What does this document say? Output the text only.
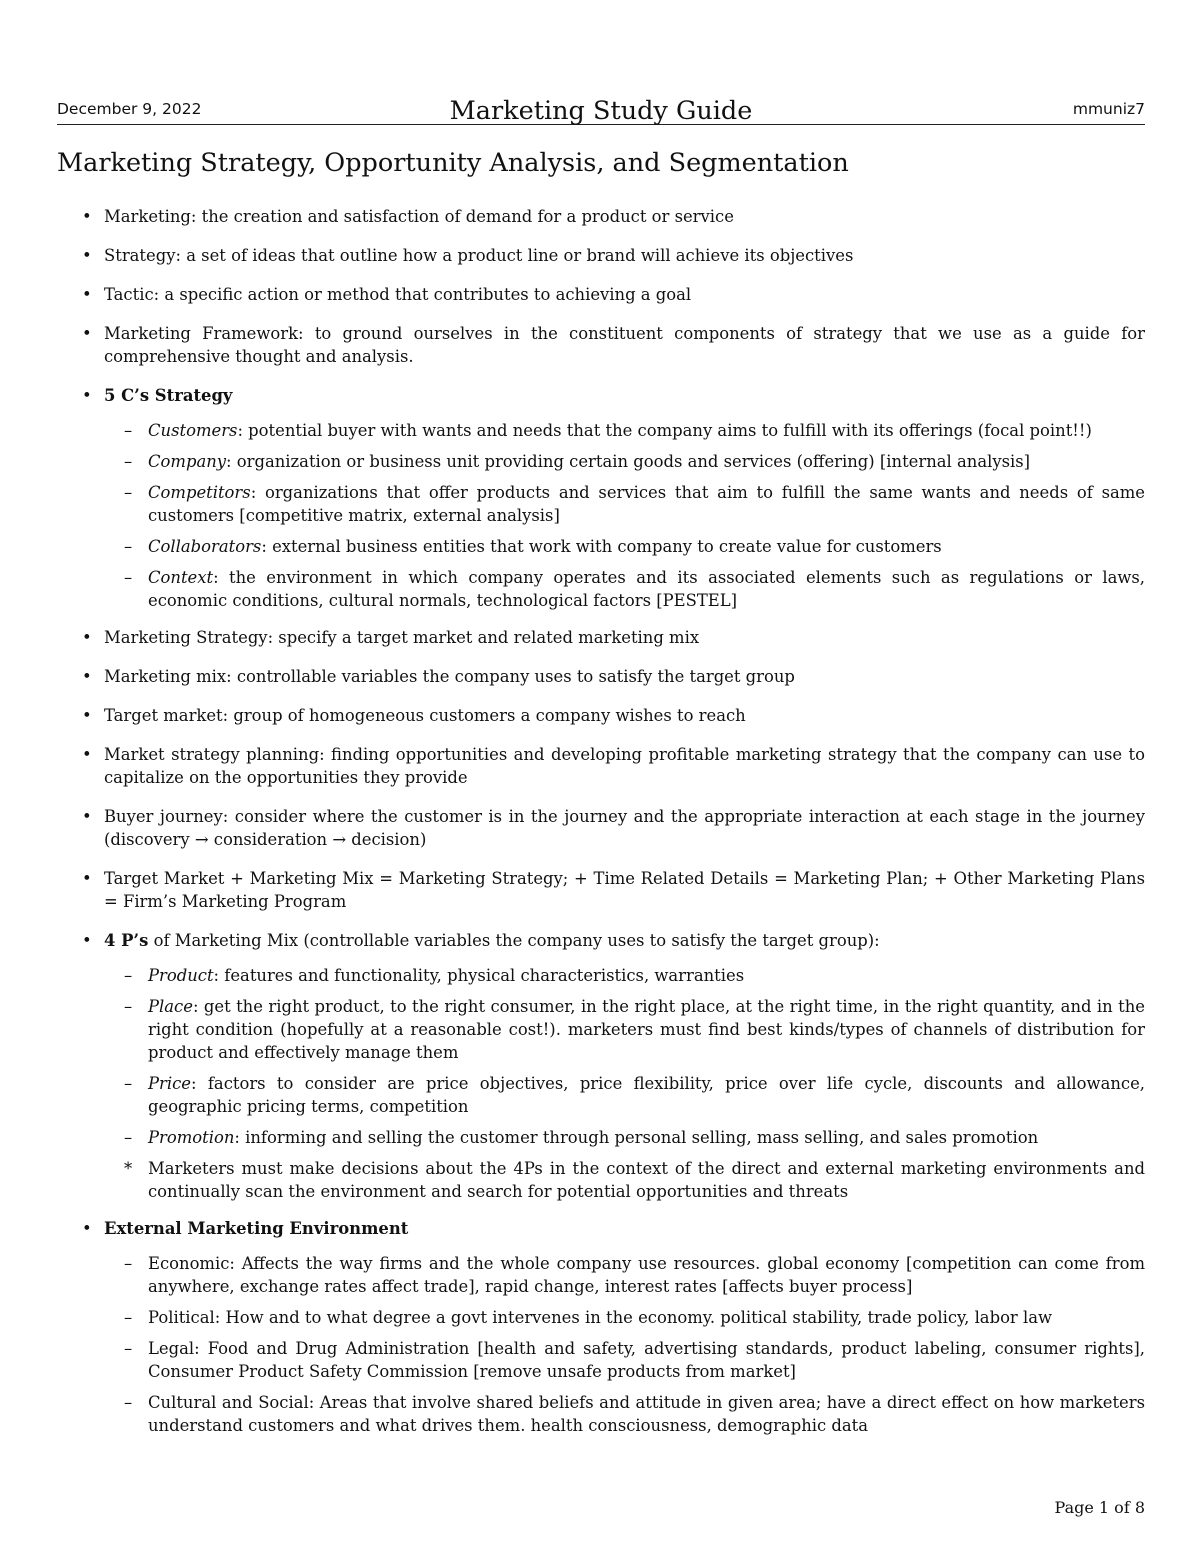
December 9, 2022	Marketing Study Guide	mmuniz7
Marketing Strategy, Opportunity Analysis, and Segmentation
• Marketing: the creation and satisfaction of demand for a product or service
• Strategy: a set of ideas that outline how a product line or brand will achieve its objectives
• Tactic: a specific action or method that contributes to achieving a goal
• Marketing Framework: to ground ourselves in the constituent components of strategy that we use as a guide for comprehensive thought and analysis.
• 5 C’s Strategy
– Customers: potential buyer with wants and needs that the company aims to fulfill with its offerings (focal point!!)
– Company: organization or business unit providing certain goods and services (offering) [internal analysis]
– Competitors: organizations that offer products and services that aim to fulfill the same wants and needs of same customers [competitive matrix, external analysis]
– Collaborators: external business entities that work with company to create value for customers
– Context: the environment in which company operates and its associated elements such as regulations or laws, economic conditions, cultural normals, technological factors [PESTEL]
• Marketing Strategy: specify a target market and related marketing mix
• Marketing mix: controllable variables the company uses to satisfy the target group
• Target market: group of homogeneous customers a company wishes to reach
• Market strategy planning: finding opportunities and developing profitable marketing strategy that the company can use to capitalize on the opportunities they provide
• Buyer journey: consider where the customer is in the journey and the appropriate interaction at each stage in the journey (discovery → consideration → decision)
• Target Market + Marketing Mix = Marketing Strategy; + Time Related Details = Marketing Plan; + Other Marketing Plans = Firm’s Marketing Program
• 4 P’s of Marketing Mix (controllable variables the company uses to satisfy the target group):
– Product: features and functionality, physical characteristics, warranties
– Place: get the right product, to the right consumer, in the right place, at the right time, in the right quantity, and in the right condition (hopefully at a reasonable cost!). marketers must find best kinds/types of channels of distribution for product and effectively manage them
– Price: factors to consider are price objectives, price flexibility, price over life cycle, discounts and allowance, geographic pricing terms, competition
– Promotion: informing and selling the customer through personal selling, mass selling, and sales promotion
* Marketers must make decisions about the 4Ps in the context of the direct and external marketing environments and continually scan the environment and search for potential opportunities and threats
• External Marketing Environment
– Economic: Affects the way firms and the whole company use resources. global economy [competition can come from anywhere, exchange rates affect trade], rapid change, interest rates [affects buyer process]
– Political: How and to what degree a govt intervenes in the economy. political stability, trade policy, labor law
– Legal: Food and Drug Administration [health and safety, advertising standards, product labeling, consumer rights], Consumer Product Safety Commission [remove unsafe products from market]
– Cultural and Social: Areas that involve shared beliefs and attitude in given area; have a direct effect on how marketers understand customers and what drives them. health consciousness, demographic data
Page 1 of 8
